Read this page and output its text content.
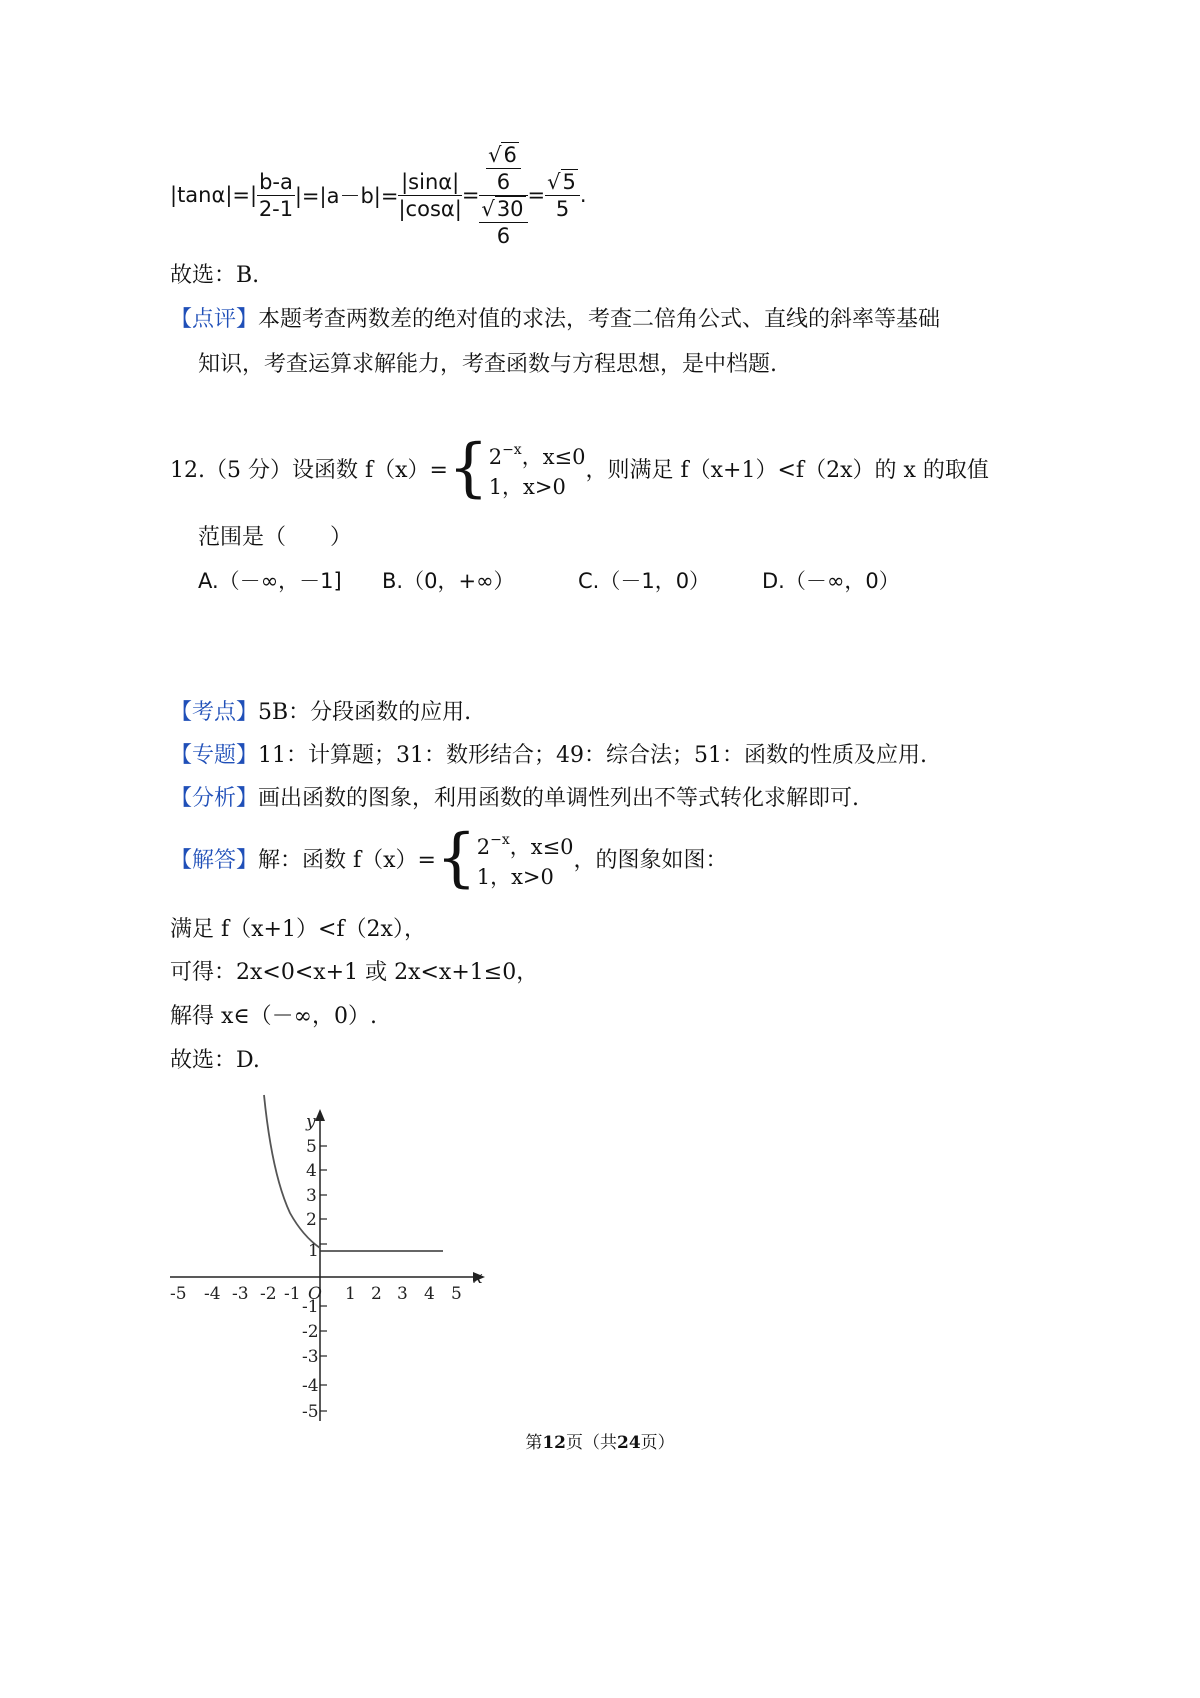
$|\tan\alpha|=| \frac{b-a}{2-1} |=|a-b|= \frac{|\sin\alpha|}{|\cos\alpha|} = \frac{\frac{√6}{6}}{\frac{√30}{6}} = \frac{√5}{5}$ .
故选：B.
【点评】本题考查两数差的绝对值的求法，考查二倍角公式、直线的斜率等基础
知识，考查运算求解能力，考查函数与方程思想，是中档题.
12.（5 分）设函数 f（x）= { $2^{-x}$，x≤0
1，x>0
，则满足 f（x+1）<f（2x）的 x 的取值
范围是（　　）
A.（－∞，－1] B.（0，+∞）	C.（－1，0） D.（－∞，0）
【考点】5B：分段函数的应用.
【专题】11：计算题；31：数形结合；49：综合法；51：函数的性质及应用.
【分析】画出函数的图象，利用函数的单调性列出不等式转化求解即可.
【解答】 解：函数 f（x）= { $2^{-x}$，x≤0
1，x>0
，的图象如图：
满足 f（x+1）<f（2x），
可得：2x<0<x+1 或 2x<x+1≤0，
解得 x∈（－∞，0）.
故选：D.
y
x
O
-5 -4 -3 -2 -1	1 2 3 4 5
5
4
3
2
1
-1
-2
-3
-4
-5
第12页（共24页）
